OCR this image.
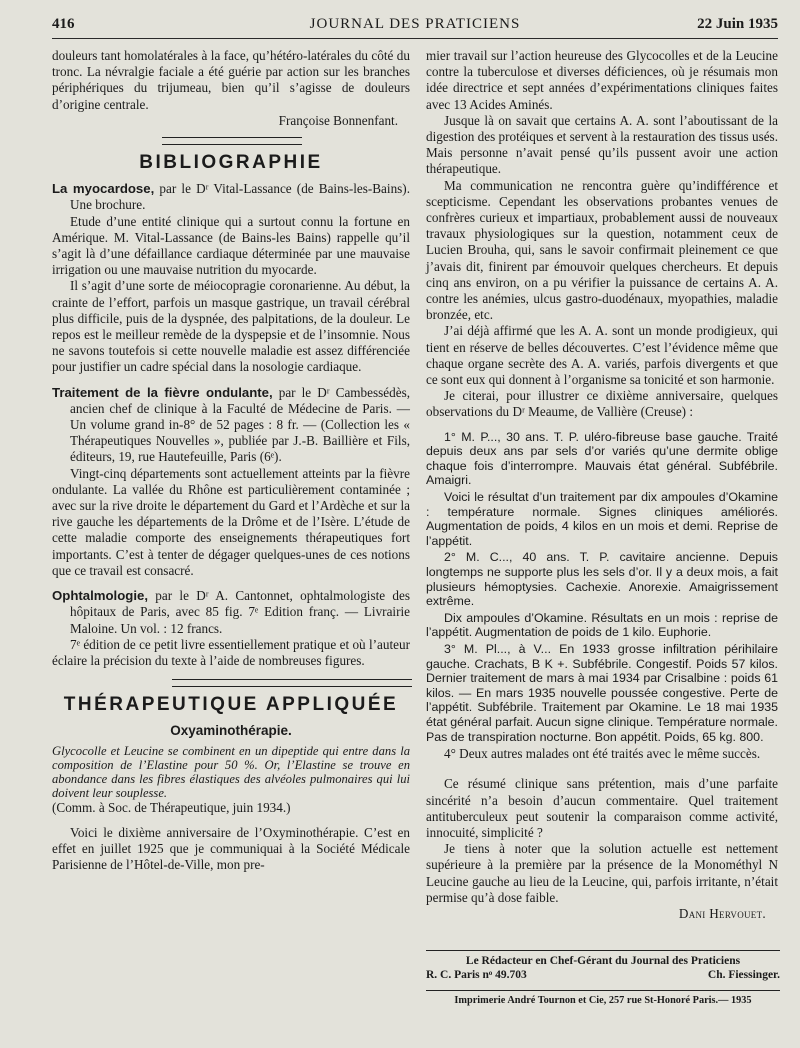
416	JOURNAL DES PRATICIENS	22 Juin 1935

douleurs tant homolatérales à la face, qu’hétéro-latérales du côté du tronc. La névralgie faciale a été guérie par action sur les branches périphériques du trijumeau, bien qu’il s’agisse de douleurs d’origine centrale.

Françoise Bonnenfant.

BIBLIOGRAPHIE

La myocardose, par le Dʳ Vital-Lassance (de Bains-les-Bains). Une brochure.

Etude d’une entité clinique qui a surtout connu la fortune en Amérique. M. Vital-Lassance (de Bains-les Bains) rappelle qu’il s’agit là d’une défaillance cardiaque déterminée par une mauvaise irrigation ou une mauvaise nutrition du myocarde.

Il s’agit d’une sorte de méiocopragie coronarienne. Au début, la crainte de l’effort, parfois un masque gastrique, un travail cérébral plus difficile, puis de la dyspnée, des palpitations, de la douleur. Le repos est le meilleur remède de la dyspepsie et de l’insomnie. Nous ne savons toutefois si cette nouvelle maladie est assez différenciée pour justifier un cadre spécial dans la nosologie cardiaque.

Traitement de la fièvre ondulante, par le Dʳ Cambessédès, ancien chef de clinique à la Faculté de Médecine de Paris. — Un volume grand in-8° de 52 pages : 8 fr. — (Collection les « Thérapeutiques Nouvelles », publiée par J.-B. Baillière et Fils, éditeurs, 19, rue Hautefeuille, Paris (6ᵉ).

Vingt-cinq départements sont actuellement atteints par la fièvre ondulante. La vallée du Rhône est particulièrement contaminée ; avec sur la rive droite le département du Gard et l’Ardèche et sur la rive gauche les départements de la Drôme et de l’Isère. L’étude de cette maladie comporte des enseignements thérapeutiques fort importants. C’est à tenter de dégager quelques-unes de ces notions que ce travail est consacré.

Ophtalmologie, par le Dʳ A. Cantonnet, ophtalmologiste des hôpitaux de Paris, avec 85 fig. 7ᵉ Edition franç. — Livrairie Maloine. Un vol. : 12 francs.

7ᵉ édition de ce petit livre essentiellement pratique et où l’auteur éclaire la précision du texte à l’aide de nombreuses figures.

THÉRAPEUTIQUE APPLIQUÉE
Oxyaminothérapie.

Glycocolle et Leucine se combinent en un dipeptide qui entre dans la composition de l’Elastine pour 50 %. Or, l’Elastine se trouve en abondance dans les fibres élastiques des alvéoles pulmonaires qui lui doivent leur souplesse.

(Comm. à Soc. de Thérapeutique, juin 1934.)

Voici le dixième anniversaire de l’Oxyminothérapie. C’est en effet en juillet 1925 que je communiquai à la Société Médicale Parisienne de l’Hôtel-de-Ville, mon pre-

mier travail sur l’action heureuse des Glycocolles et de la Leucine contre la tuberculose et diverses déficiences, où je résumais mon idée directrice et sept années d’expérimentations cliniques faites avec 13 Acides Aminés.

Jusque là on savait que certains A. A. sont l’aboutissant de la digestion des protéiques et servent à la restauration des tissus usés. Mais personne n’avait pensé qu’ils pussent avoir une action thérapeutique.

Ma communication ne rencontra guère qu’indifférence et scepticisme. Cependant les observations probantes venues de confrères curieux et impartiaux, probablement aussi de nouveaux travaux physiologiques sur la question, notamment ceux de Lucien Brouha, qui, sans le savoir confirmait pleinement ce que j’avais dit, finirent par émouvoir quelques chercheurs. Et depuis cinq ans environ, on a pu vérifier la puissance de certains A. A. contre les anémies, ulcus gastro-duodénaux, myopathies, maladie bronzée, etc.

J’ai déjà affirmé que les A. A. sont un monde prodigieux, qui tient en réserve de belles découvertes. C’est l’évidence même que chaque organe secrète des A. A. variés, parfois divergents et que ce sont eux qui donnent à l’organisme sa tonicité et son harmonie.

Je citerai, pour illustrer ce dixième anniversaire, quelques observations du Dʳ Meaume, de Vallière (Creuse) :

1° M. P..., 30 ans. T. P. uléro-fibreuse base gauche. Traité depuis deux ans par sels d’or variés qu’une dermite oblige chaque fois d’interrompre. Mauvais état général. Subfébrile. Amaigri.

Voici le résultat d’un traitement par dix ampoules d’Okamine : température normale. Signes cliniques améliorés. Augmentation de poids, 4 kilos en un mois et demi. Reprise de l’appétit.

2° M. C..., 40 ans. T. P. cavitaire ancienne. Depuis longtemps ne supporte plus les sels d’or. Il y a deux mois, a fait plusieurs hémoptysies. Cachexie. Anorexie. Amaigrissement extrême.

Dix ampoules d’Okamine. Résultats en un mois : reprise de l’appétit. Augmentation de poids de 1 kilo. Euphorie.

3° M. Pl..., à V... En 1933 grosse infiltration périhilaire gauche. Crachats, B K +. Subfébrile. Congestif. Poids 57 kilos. Dernier traitement de mars à mai 1934 par Crisalbine : poids 61 kilos. — En mars 1935 nouvelle poussée congestive. Perte de l’appétit. Subfébrile. Traitement par Okamine. Le 18 mai 1935 état général parfait. Aucun signe clinique. Température normale. Pas de transpiration nocturne. Bon appétit. Poids, 65 kg. 800.

4° Deux autres malades ont été traités avec le même succès.

Ce résumé clinique sans prétention, mais d’une parfaite sincérité n’a besoin d’aucun commentaire. Quel traitement antituberculeux peut soutenir la comparaison comme activité, innocuité, simplicité ?

Je tiens à noter que la solution actuelle est nettement supérieure à la première par la présence de la Monométhyl N Leucine gauche au lieu de la Leucine, qui, parfois irritante, n’était permise qu’à dose faible.

Dani Hervouet.

Le Rédacteur en Chef-Gérant du Journal des Praticiens
R. C. Paris nᵒ 49.703	Ch. Fiessinger.
Imprimerie André Tournon et Cie, 257 rue St-Honoré Paris.— 1935
